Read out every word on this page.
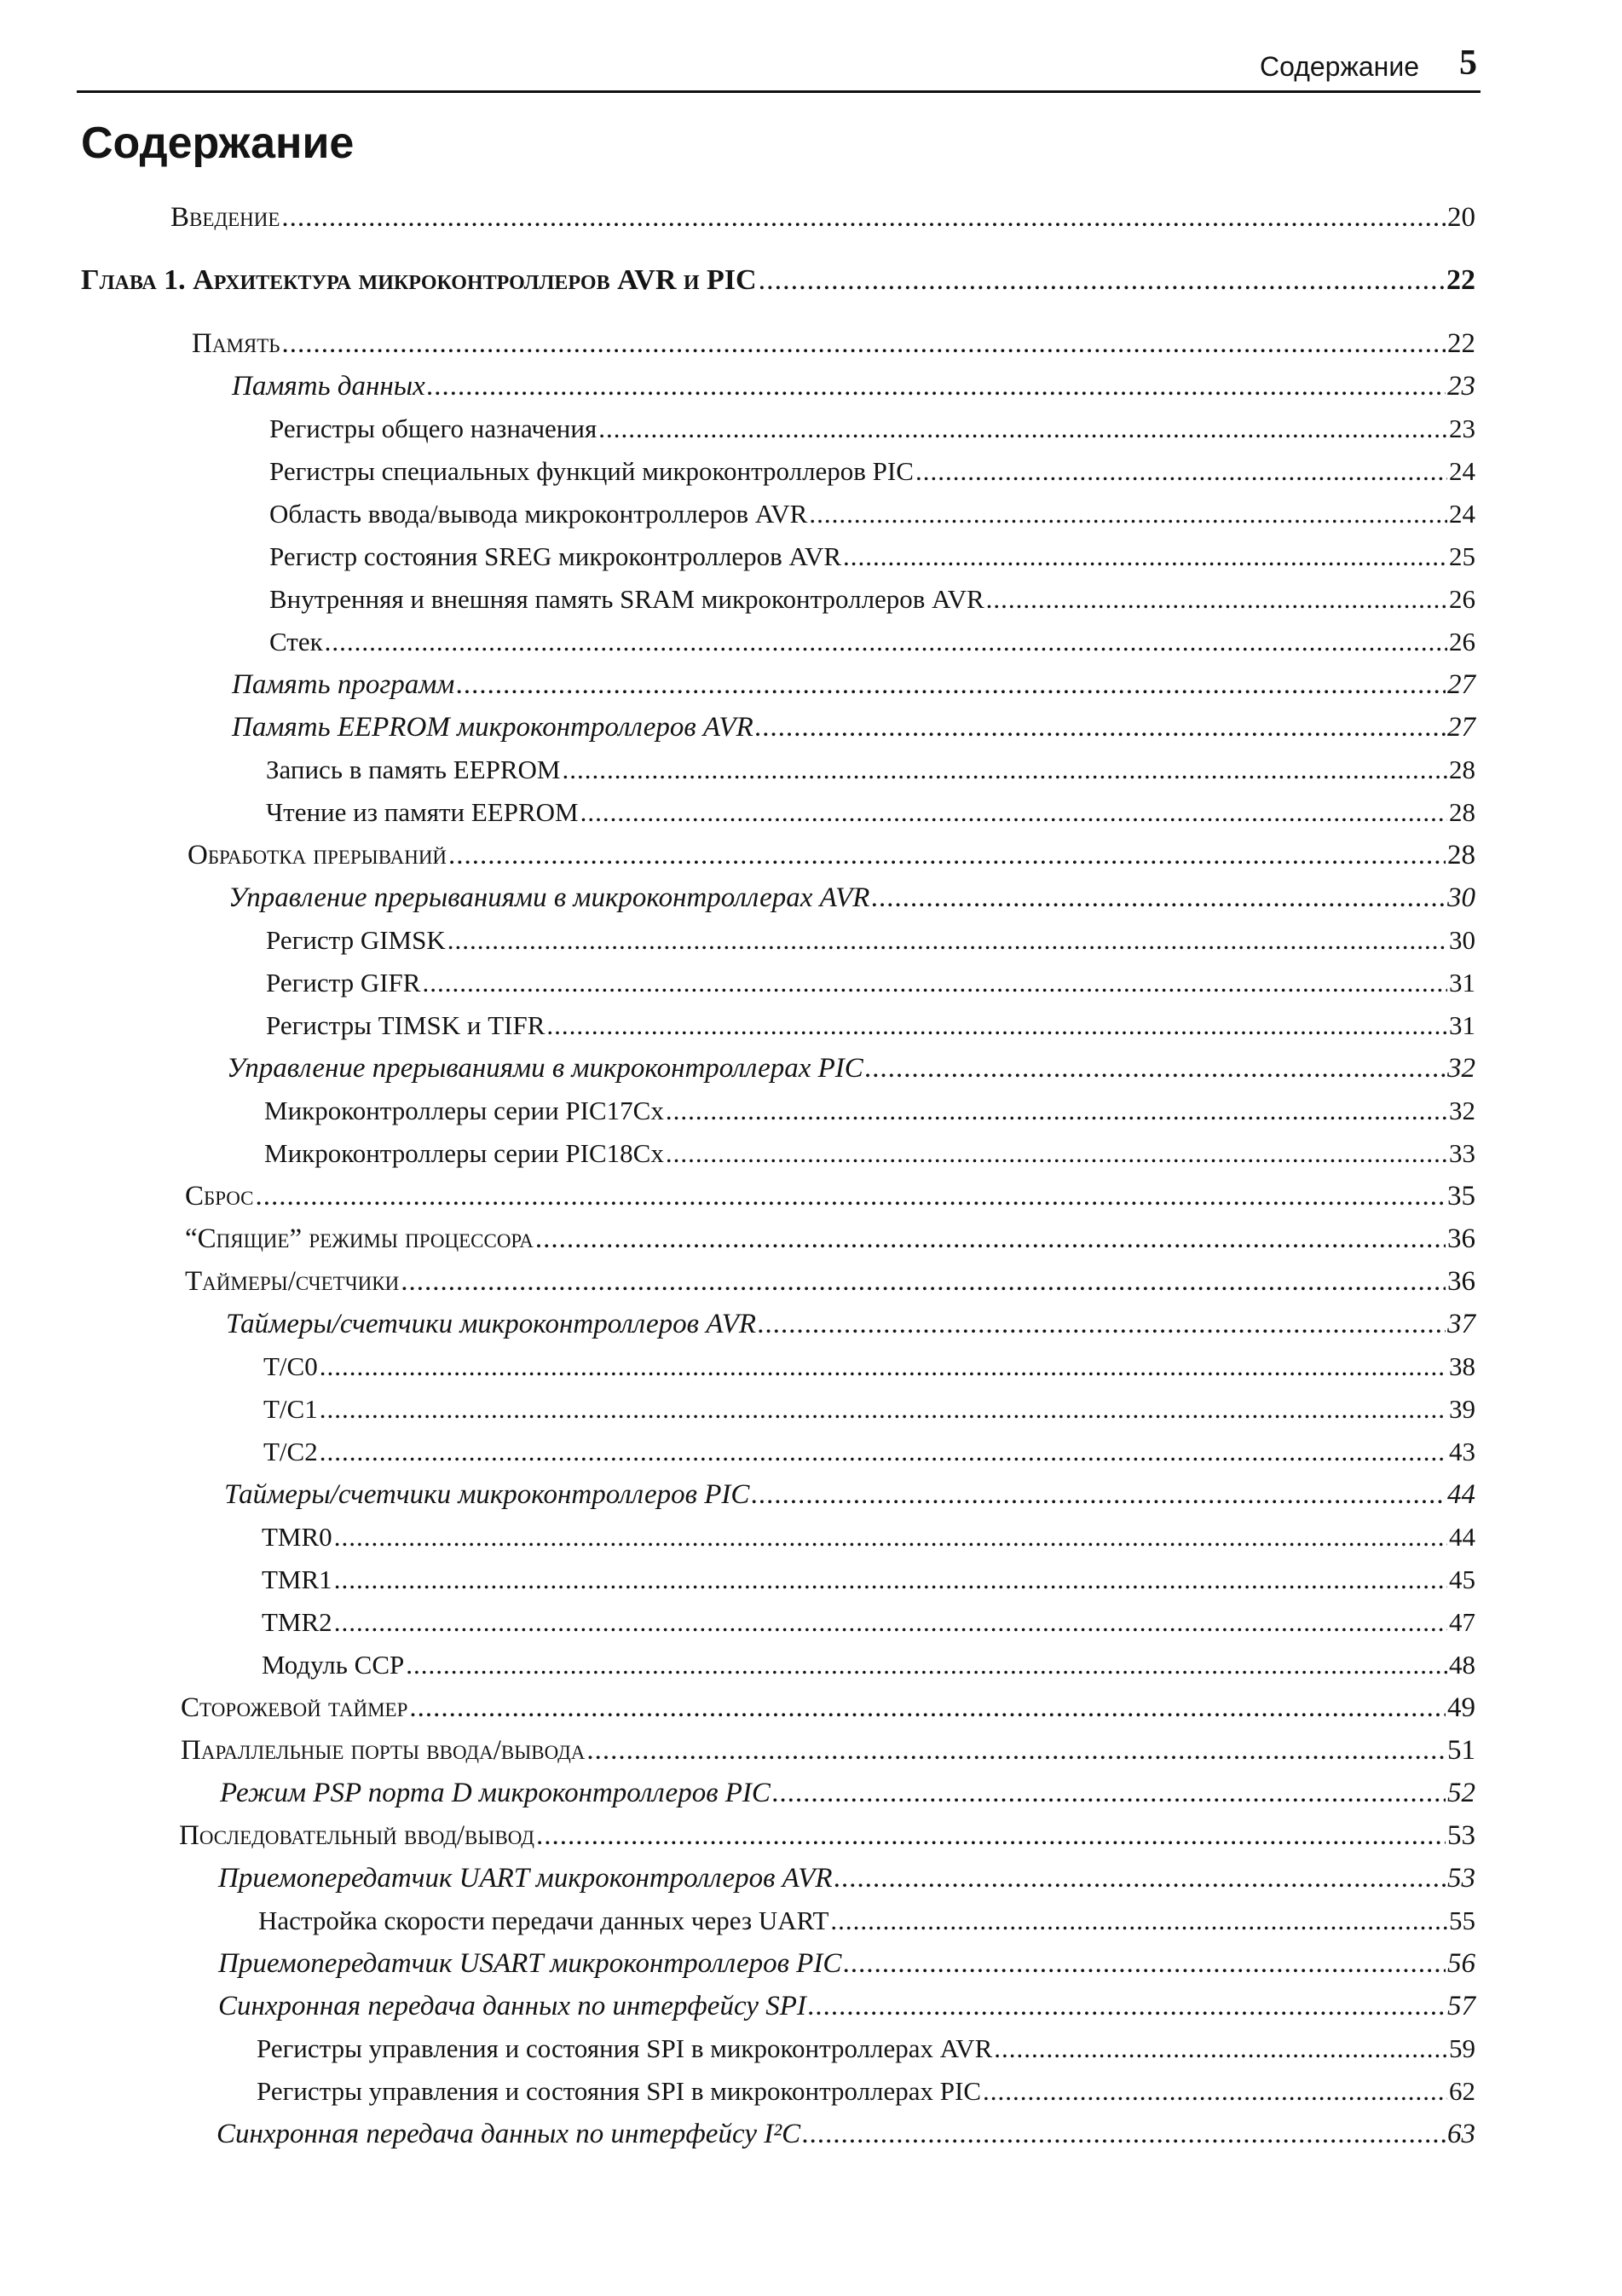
Содержание 5
Содержание
Введение .....	20
Глава 1. Архитектура микроконтроллеров AVR и PIC .....	22
Память .....	22
Память данных .....	23
Регистры общего назначения .....	23
Регистры специальных функций микроконтроллеров PIC .....	24
Область ввода/вывода микроконтроллеров AVR .....	24
Регистр состояния SREG микроконтроллеров AVR .....	25
Внутренняя и внешняя память SRAM микроконтроллеров AVR .....	26
Стек .....	26
Память программ .....	27
Память EEPROM микроконтроллеров AVR .....	27
Запись в память EEPROM .....	28
Чтение из памяти EEPROM .....	28
Обработка прерываний .....	28
Управление прерываниями в микроконтроллерах AVR .....	30
Регистр GIMSK .....	30
Регистр GIFR .....	31
Регистры TIMSK и TIFR .....	31
Управление прерываниями в микроконтроллерах PIC .....	32
Микроконтроллеры серии PIC17Cx .....	32
Микроконтроллеры серии PIC18Cx .....	33
Сброс .....	35
“Спящие” режимы процессора .....	36
Таймеры/счетчики .....	36
Таймеры/счетчики микроконтроллеров AVR .....	37
T/C0 .....	38
T/C1 .....	39
T/C2 .....	43
Таймеры/счетчики микроконтроллеров PIC .....	44
TMR0 .....	44
TMR1 .....	45
TMR2 .....	47
Модуль CCP .....	48
Сторожевой таймер .....	49
Параллельные порты ввода/вывода .....	51
Режим PSP порта D микроконтроллеров PIC .....	52
Последовательный ввод/вывод .....	53
Приемопередатчик UART микроконтроллеров AVR .....	53
Настройка скорости передачи данных через UART .....	55
Приемопередатчик USART микроконтроллеров PIC .....	56
Синхронная передача данных по интерфейсу SPI .....	57
Регистры управления и состояния SPI в микроконтроллерах AVR .....	59
Регистры управления и состояния SPI в микроконтроллерах PIC .....	62
Синхронная передача данных по интерфейсу I²C .....	63
